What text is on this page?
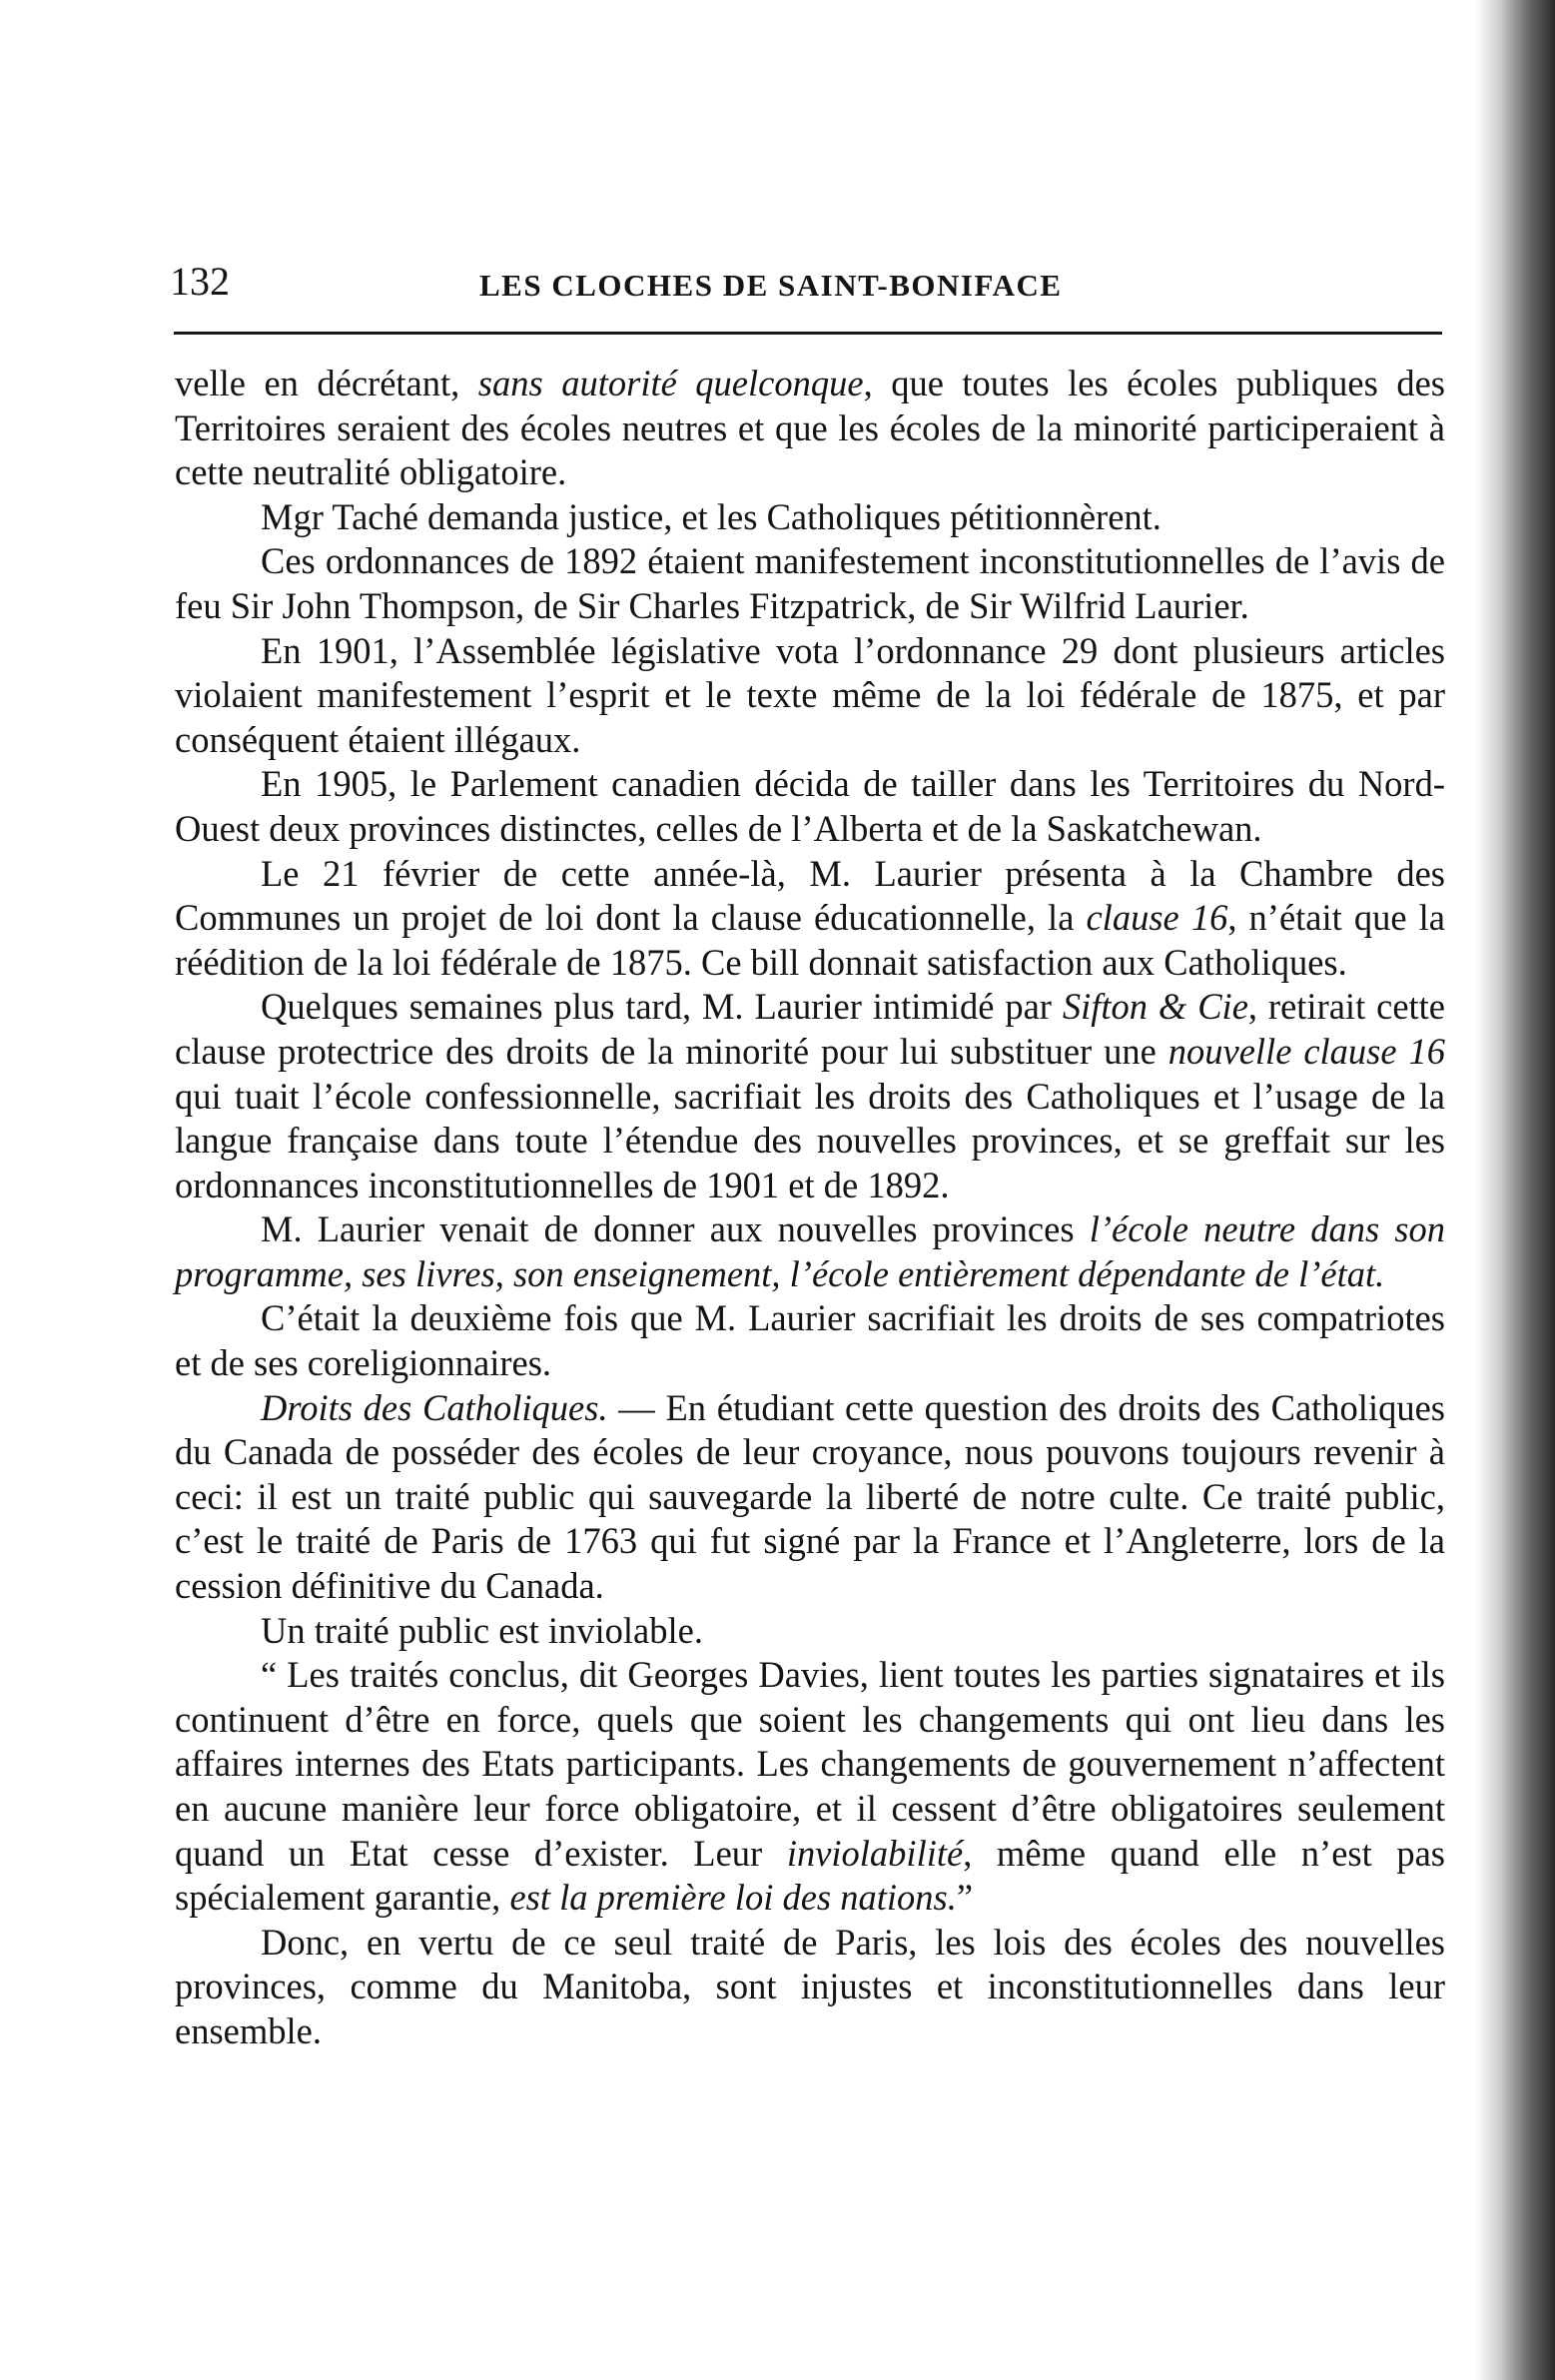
132	LES CLOCHES DE SAINT-BONIFACE

velle en décrétant, sans autorité quelconque, que toutes les écoles publiques des Territoires seraient des écoles neutres et que les écoles de la minorité participeraient à cette neutralité obligatoire.

Mgr Taché demanda justice, et les Catholiques pétitionnèrent.

Ces ordonnances de 1892 étaient manifestement inconstitutionnelles de l’avis de feu Sir John Thompson, de Sir Charles Fitzpatrick, de Sir Wilfrid Laurier.

En 1901, l’Assemblée législative vota l’ordonnance 29 dont plusieurs articles violaient manifestement l’esprit et le texte même de la loi fédérale de 1875, et par conséquent étaient illégaux.

En 1905, le Parlement canadien décida de tailler dans les Territoires du Nord-Ouest deux provinces distinctes, celles de l’Alberta et de la Saskatchewan.

Le 21 février de cette année-là, M. Laurier présenta à la Chambre des Communes un projet de loi dont la clause éducationnelle, la clause 16, n’était que la réédition de la loi fédérale de 1875. Ce bill donnait satisfaction aux Catholiques.

Quelques semaines plus tard, M. Laurier intimidé par Sifton & Cie, retirait cette clause protectrice des droits de la minorité pour lui substituer une nouvelle clause 16 qui tuait l’école confessionnelle, sacrifiait les droits des Catholiques et l’usage de la langue française dans toute l’étendue des nouvelles provinces, et se greffait sur les ordonnances inconstitutionnelles de 1901 et de 1892.

M. Laurier venait de donner aux nouvelles provinces l’école neutre dans son programme, ses livres, son enseignement, l’école entièrement dépendante de l’état.

C’était la deuxième fois que M. Laurier sacrifiait les droits de ses compatriotes et de ses coreligionnaires.

Droits des Catholiques. — En étudiant cette question des droits des Catholiques du Canada de posséder des écoles de leur croyance, nous pouvons toujours revenir à ceci: il est un traité public qui sauvegarde la liberté de notre culte. Ce traité public, c’est le traité de Paris de 1763 qui fut signé par la France et l’Angleterre, lors de la cession définitive du Canada.

Un traité public est inviolable.

“ Les traités conclus, dit Georges Davies, lient toutes les parties signataires et ils continuent d’être en force, quels que soient les changements qui ont lieu dans les affaires internes des Etats participants. Les changements de gouvernement n’affectent en aucune manière leur force obligatoire, et il cessent d’être obligatoires seulement quand un Etat cesse d’exister. Leur inviolabilité, même quand elle n’est pas spécialement garantie, est la première loi des nations.”

Donc, en vertu de ce seul traité de Paris, les lois des écoles des nouvelles provinces, comme du Manitoba, sont injustes et inconstitutionnelles dans leur ensemble.
